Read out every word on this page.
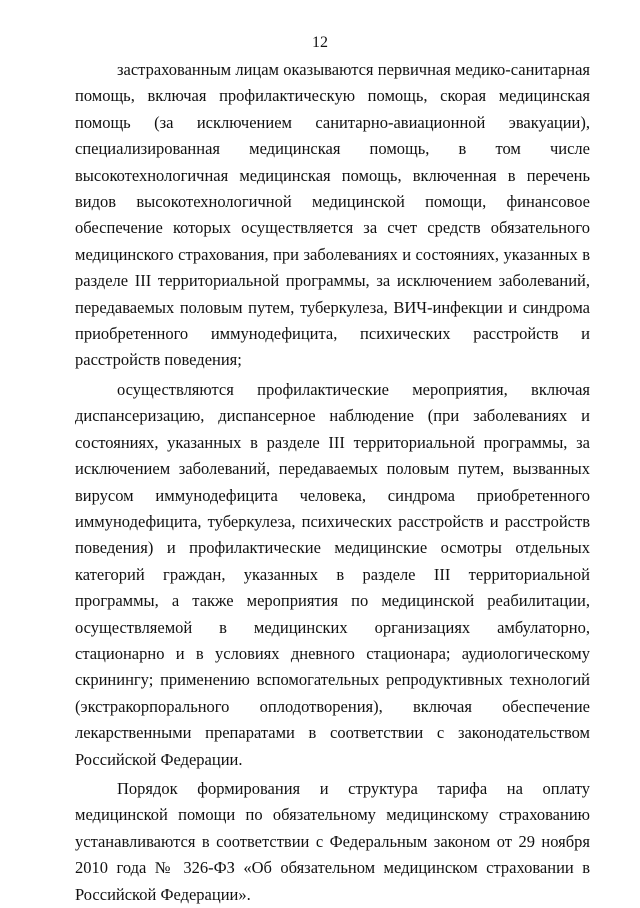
12

застрахованным лицам оказываются первичная медико-санитарная помощь, включая профилактическую помощь, скорая медицинская помощь (за исключением санитарно-авиационной эвакуации), специализированная медицинская помощь, в том числе высокотехнологичная медицинская помощь, включенная в перечень видов высокотехнологичной медицинской помощи, финансовое обеспечение которых осуществляется за счет средств обязательного медицинского страхования, при заболеваниях и состояниях, указанных в разделе III территориальной программы, за исключением заболеваний, передаваемых половым путем, туберкулеза, ВИЧ-инфекции и синдрома приобретенного иммунодефицита, психических расстройств и расстройств поведения;

осуществляются профилактические мероприятия, включая диспансеризацию, диспансерное наблюдение (при заболеваниях и состояниях, указанных в разделе III территориальной программы, за исключением заболеваний, передаваемых половым путем, вызванных вирусом иммунодефицита человека, синдрома приобретенного иммунодефицита, туберкулеза, психических расстройств и расстройств поведения) и профилактические медицинские осмотры отдельных категорий граждан, указанных в разделе III территориальной программы, а также мероприятия по медицинской реабилитации, осуществляемой в медицинских организациях амбулаторно, стационарно и в условиях дневного стационара; аудиологическому скринингу; применению вспомогательных репродуктивных технологий (экстракорпорального оплодотворения), включая обеспечение лекарственными препаратами в соответствии с законодательством Российской Федерации.

Порядок формирования и структура тарифа на оплату медицинской помощи по обязательному медицинскому страхованию устанавливаются в соответствии с Федеральным законом от 29 ноября 2010 года № 326-ФЗ «Об обязательном медицинском страховании в Российской Федерации».
